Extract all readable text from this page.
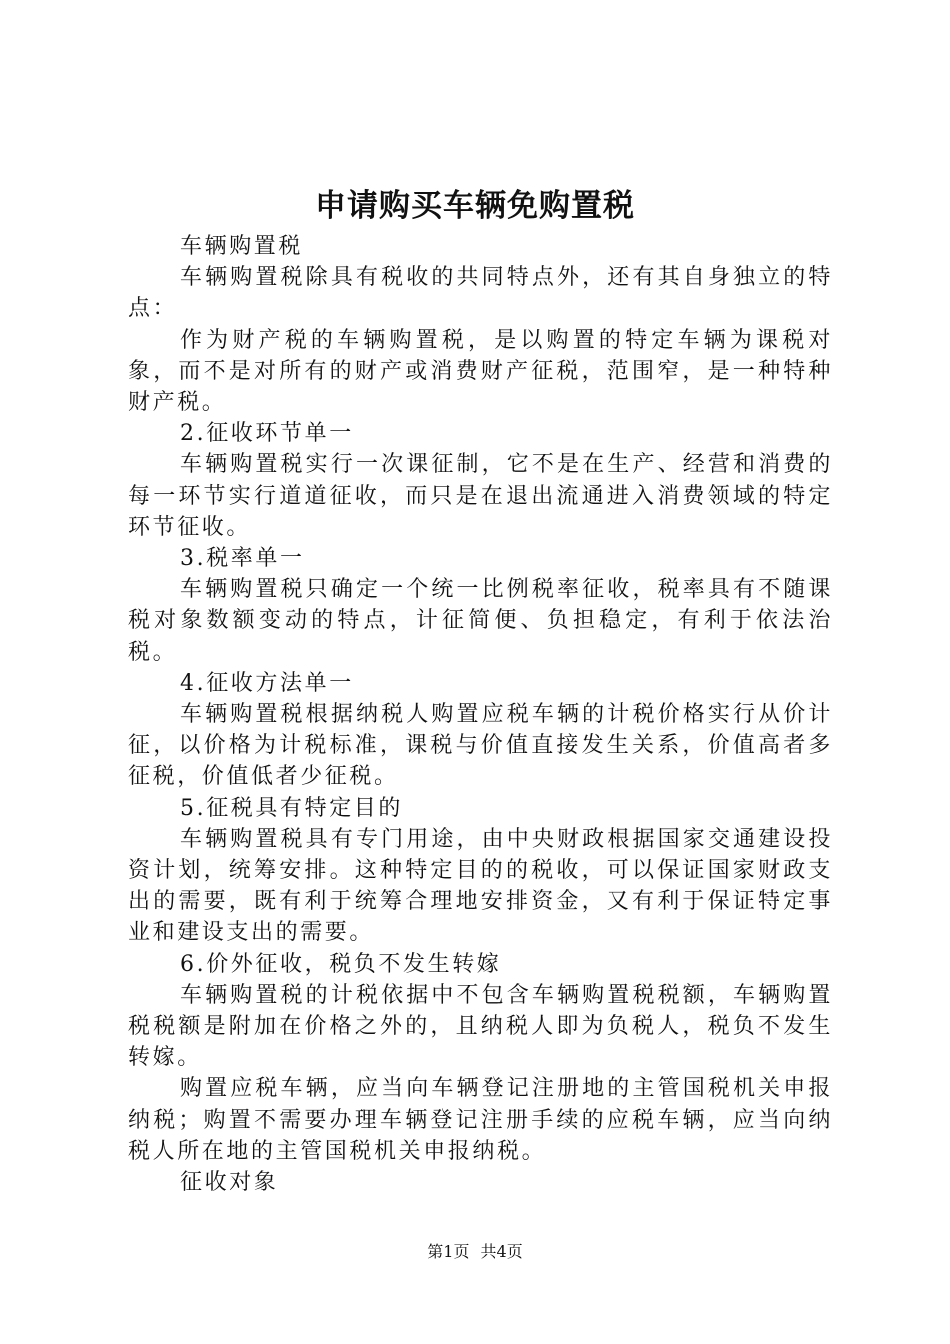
申请购买车辆免购置税

车辆购置税

车辆购置税除具有税收的共同特点外，还有其自身独立的特点：

作为财产税的车辆购置税，是以购置的特定车辆为课税对象，而不是对所有的财产或消费财产征税，范围窄，是一种特种财产税。

2.征收环节单一

车辆购置税实行一次课征制，它不是在生产、经营和消费的每一环节实行道道征收，而只是在退出流通进入消费领域的特定环节征收。

3.税率单一

车辆购置税只确定一个统一比例税率征收，税率具有不随课税对象数额变动的特点，计征简便、负担稳定，有利于依法治税。

4.征收方法单一

车辆购置税根据纳税人购置应税车辆的计税价格实行从价计征，以价格为计税标准，课税与价值直接发生关系，价值高者多征税，价值低者少征税。

5.征税具有特定目的

车辆购置税具有专门用途，由中央财政根据国家交通建设投资计划，统筹安排。这种特定目的的税收，可以保证国家财政支出的需要，既有利于统筹合理地安排资金，又有利于保证特定事业和建设支出的需要。

6.价外征收，税负不发生转嫁

车辆购置税的计税依据中不包含车辆购置税税额，车辆购置税税额是附加在价格之外的，且纳税人即为负税人，税负不发生转嫁。

购置应税车辆，应当向车辆登记注册地的主管国税机关申报纳税；购置不需要办理车辆登记注册手续的应税车辆，应当向纳税人所在地的主管国税机关申报纳税。

征收对象

第1页 共4页
